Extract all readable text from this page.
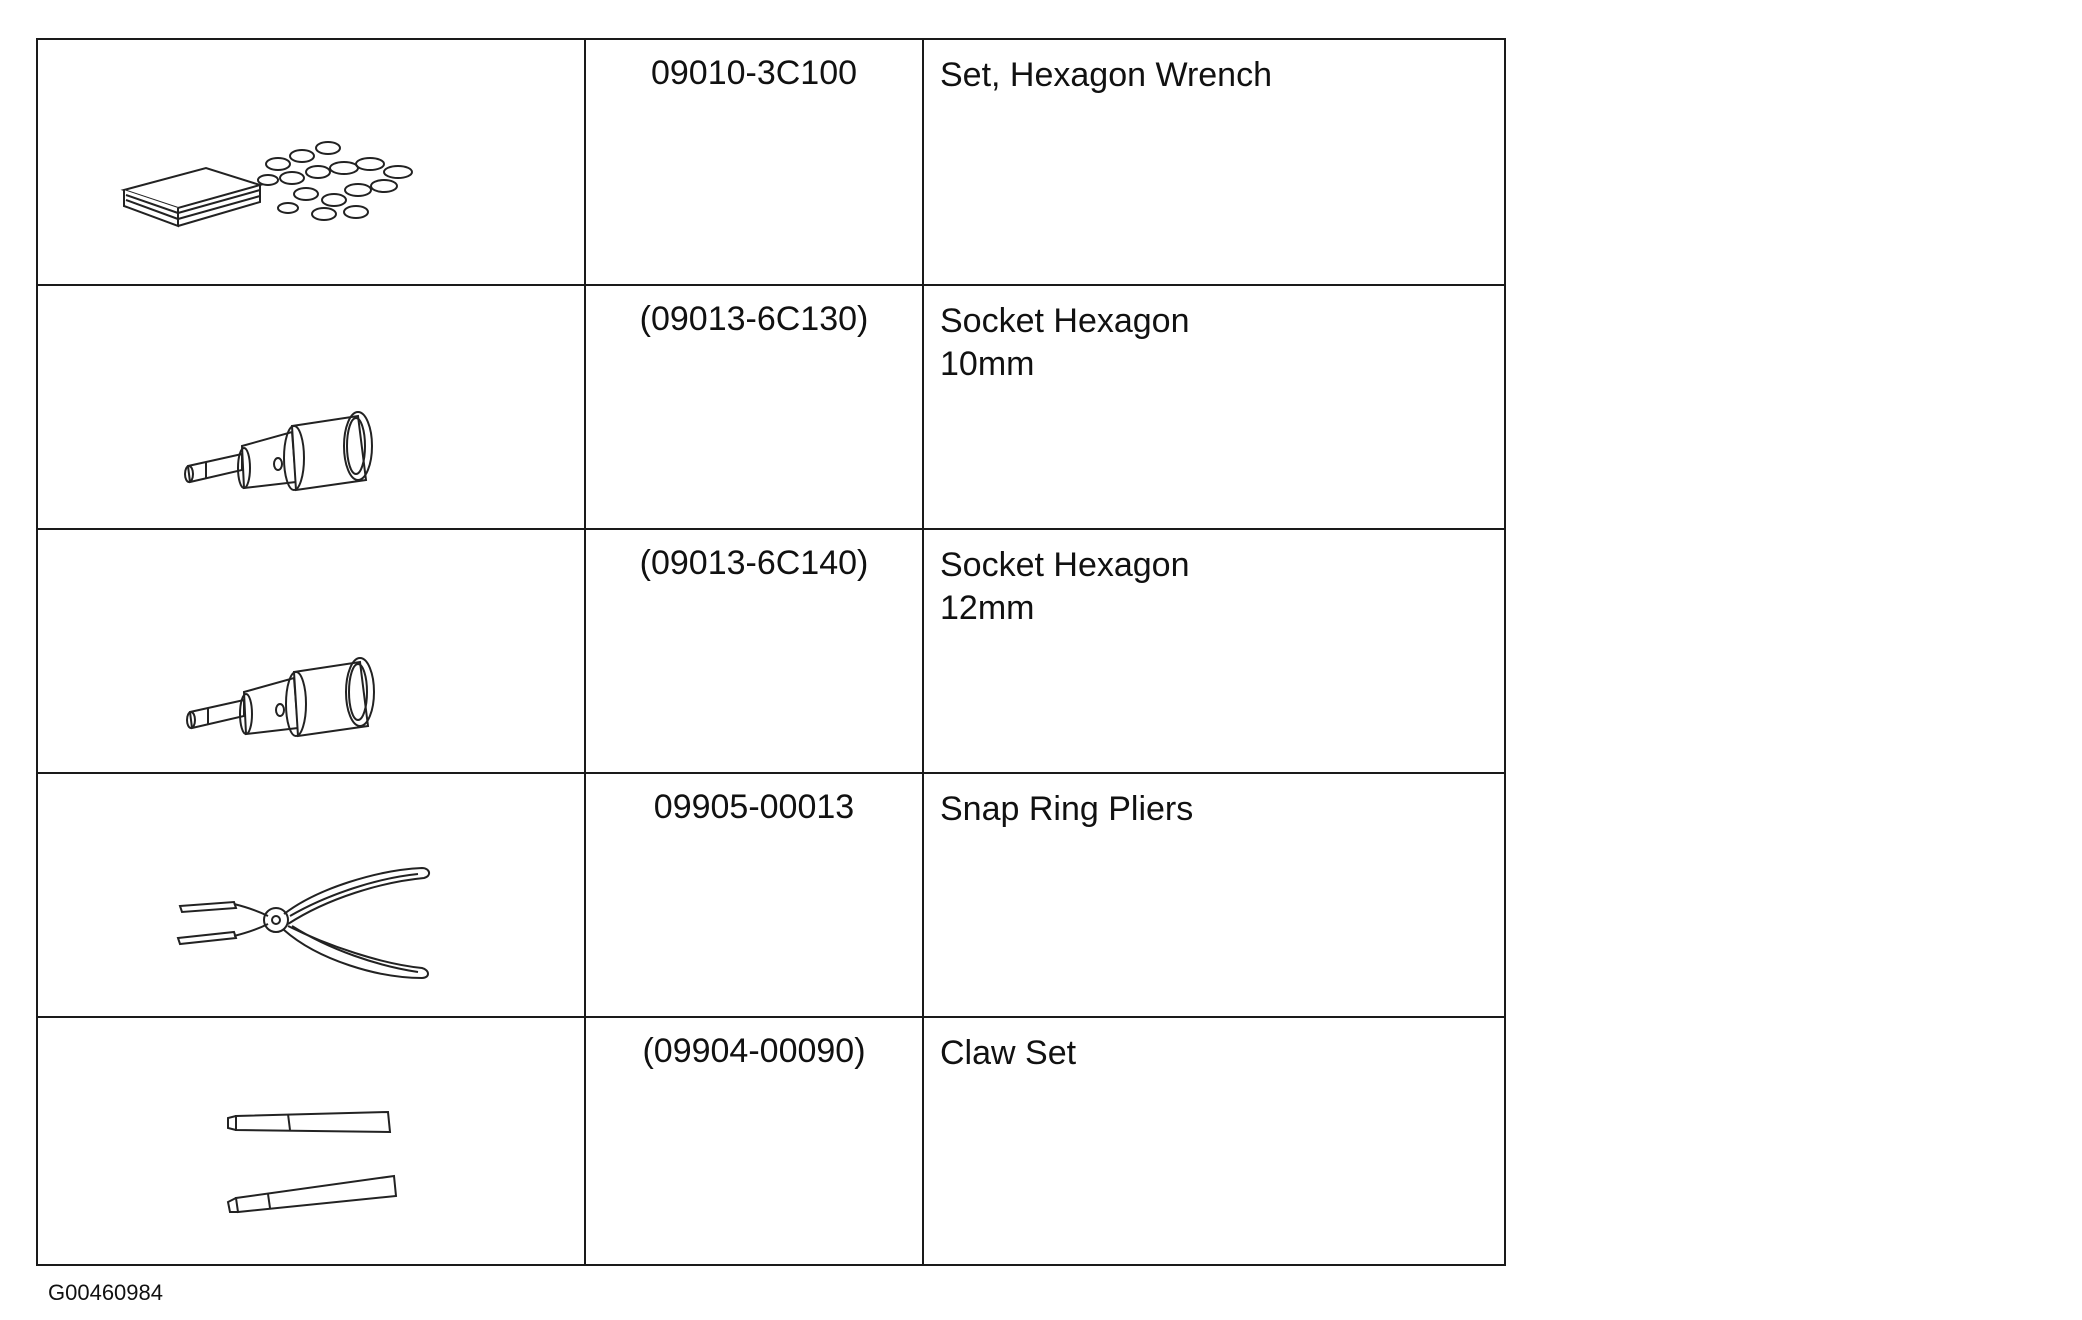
09010-3C100	Set, Hexagon Wrench
(09013-6C130)	Socket Hexagon
10mm
(09013-6C140)	Socket Hexagon
12mm
09905-00013	Snap Ring Pliers
(09904-00090)	Claw Set
G00460984
